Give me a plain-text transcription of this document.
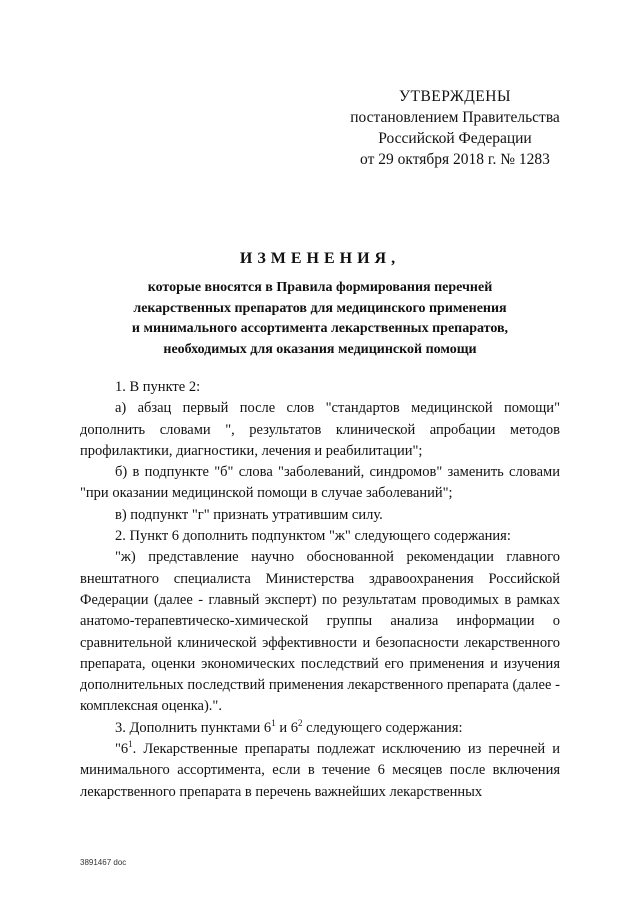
УТВЕРЖДЕНЫ
постановлением Правительства
Российской Федерации
от 29 октября 2018 г. № 1283
ИЗМЕНЕНИЯ,
которые вносятся в Правила формирования перечней
лекарственных препаратов для медицинского применения
и минимального ассортимента лекарственных препаратов,
необходимых для оказания медицинской помощи

1. В пункте 2:

а) абзац первый после слов "стандартов медицинской помощи" дополнить словами ", результатов клинической апробации методов профилактики, диагностики, лечения и реабилитации";

б) в подпункте "б" слова "заболеваний, синдромов" заменить словами "при оказании медицинской помощи в случае заболеваний";

в) подпункт "г" признать утратившим силу.

2. Пункт 6 дополнить подпунктом "ж" следующего содержания:

"ж) представление научно обоснованной рекомендации главного внештатного специалиста Министерства здравоохранения Российской Федерации (далее - главный эксперт) по результатам проводимых в рамках анатомо-терапевтическо-химической группы анализа информации о сравнительной клинической эффективности и безопасности лекарственного препарата, оценки экономических последствий его применения и изучения дополнительных последствий применения лекарственного препарата (далее - комплексная оценка).".

3. Дополнить пунктами $6^1$ и $6^2$ следующего содержания:

"$6^1$. Лекарственные препараты подлежат исключению из перечней и минимального ассортимента, если в течение 6 месяцев после включения лекарственного препарата в перечень важнейших лекарственных

3891467 doc
